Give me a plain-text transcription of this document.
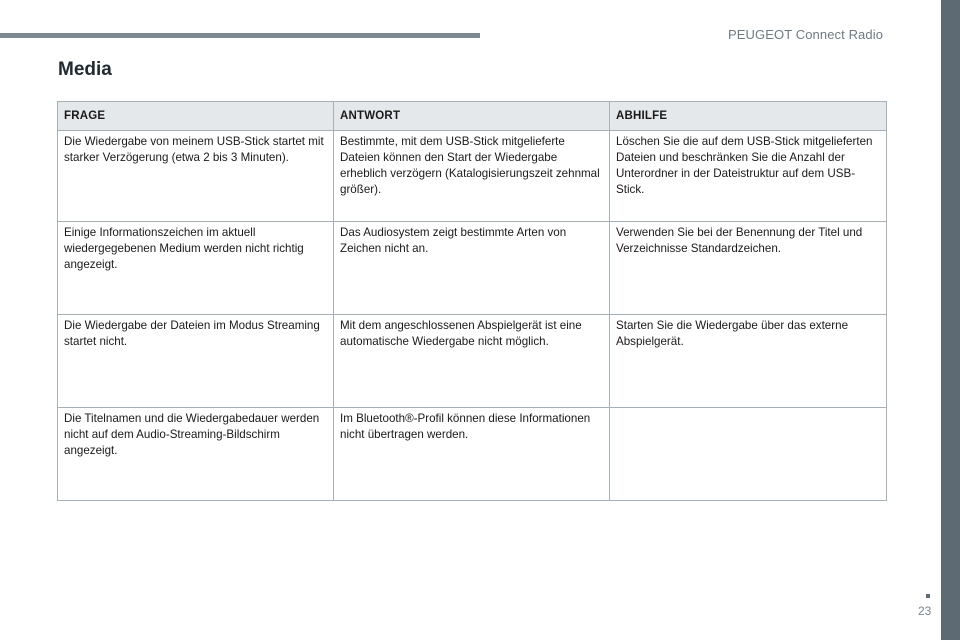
PEUGEOT Connect Radio
Media
FRAGE	ANTWORT	ABHILFE
Die Wiedergabe von meinem USB-Stick startet mit starker Verzögerung (etwa 2 bis 3 Minuten).	Bestimmte, mit dem USB-Stick mitgelieferte Dateien können den Start der Wiedergabe erheblich verzögern (Katalogisierungszeit zehnmal größer).	Löschen Sie die auf dem USB-Stick mitgelieferten Dateien und beschränken Sie die Anzahl der Unterordner in der Dateistruktur auf dem USB-Stick.
Einige Informationszeichen im aktuell wiedergegebenen Medium werden nicht richtig angezeigt.	Das Audiosystem zeigt bestimmte Arten von Zeichen nicht an.	Verwenden Sie bei der Benennung der Titel und Verzeichnisse Standardzeichen.
Die Wiedergabe der Dateien im Modus Streaming startet nicht.	Mit dem angeschlossenen Abspielgerät ist eine automatische Wiedergabe nicht möglich.	Starten Sie die Wiedergabe über das externe Abspielgerät.
Die Titelnamen und die Wiedergabedauer werden nicht auf dem Audio-Streaming-Bildschirm angezeigt.	Im Bluetooth®-Profil können diese Informationen nicht übertragen werden.	
23
